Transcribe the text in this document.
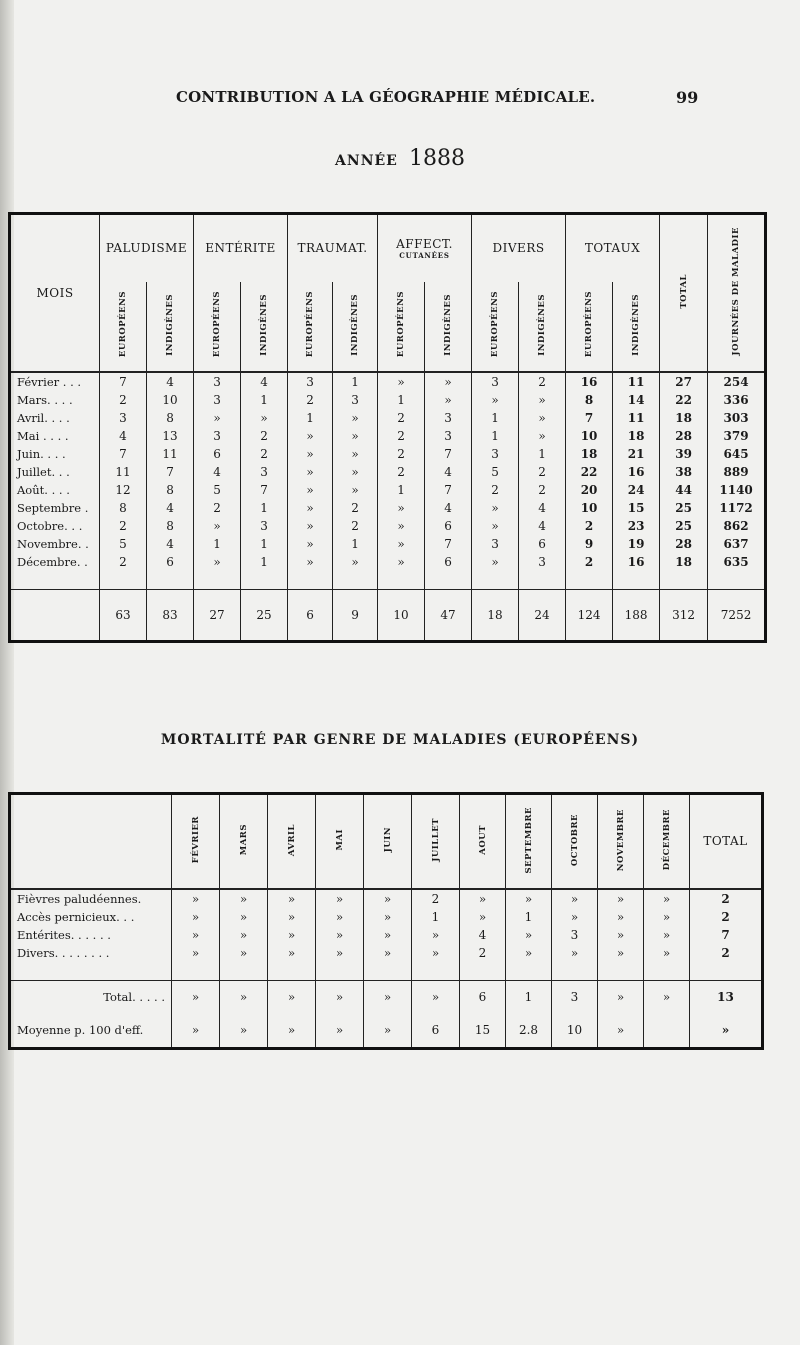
CONTRIBUTION A LA GÉOGRAPHIE MÉDICALE.	99
ANNÉE 1888
MOIS	PALUDISME		ENTÉRITE		TRAUMAT.		AFFECT.
CUTANÉES		DIVERS		TOTAUX		TOTAL	JOURNÉES DE MALADIE
	EUROPÉENS	INDIGÈNES	EUROPÉENS	INDIGÈNES	EUROPÉENS	INDIGÈNES	EUROPÉENS	INDIGÈNES	EUROPÉENS	INDIGÈNES	EUROPÉENS	INDIGÈNES		
Février . . .	7	4	3	4	3	1	»	»	3	2	16	11	27	254
Mars. . . .	2	10	3	1	2	3	1	»	»	»	8	14	22	336
Avril. . . .	3	8	»	»	1	»	2	3	1	»	7	11	18	303
Mai . . . .	4	13	3	2	»	»	2	3	1	»	10	18	28	379
Juin. . . .	7	11	6	2	»	»	2	7	3	1	18	21	39	645
Juillet. . .	11	7	4	3	»	»	2	4	5	2	22	16	38	889
Août. . . .	12	8	5	7	»	»	1	7	2	2	20	24	44	1140
Septembre .	8	4	2	1	»	2	»	4	»	4	10	15	25	1172
Octobre. . .	2	8	»	3	»	2	»	6	»	4	2	23	25	862
Novembre. .	5	4	1	1	»	1	»	7	3	6	9	19	28	637
Décembre. .	2	6	»	1	»	»	»	6	»	3	2	16	18	635

	63	83	27	25	6	9	10	47	18	24	124	188	312	7252
MORTALITÉ PAR GENRE DE MALADIES (EUROPÉENS)
	FÉVRIER	MARS	AVRIL	MAI	JUIN	JUILLET	AOUT	SEPTEMBRE	OCTOBRE	NOVEMBRE	DÉCEMBRE	TOTAL
Fièvres paludéennes.	»	»	»	»	»	2	»	»	»	»	»	2
Accès pernicieux. . .	»	»	»	»	»	1	»	1	»	»	»	2
Entérites. . . . . .	»	»	»	»	»	»	4	»	3	»	»	7
Divers. . . . . . . .	»	»	»	»	»	»	2	»	»	»	»	2

Total. . . . .	»	»	»	»	»	»	6	1	3	»	»	13
Moyenne p. 100 d'eff.	»	»	»	»	»	6	15	2.8	10	»		»
